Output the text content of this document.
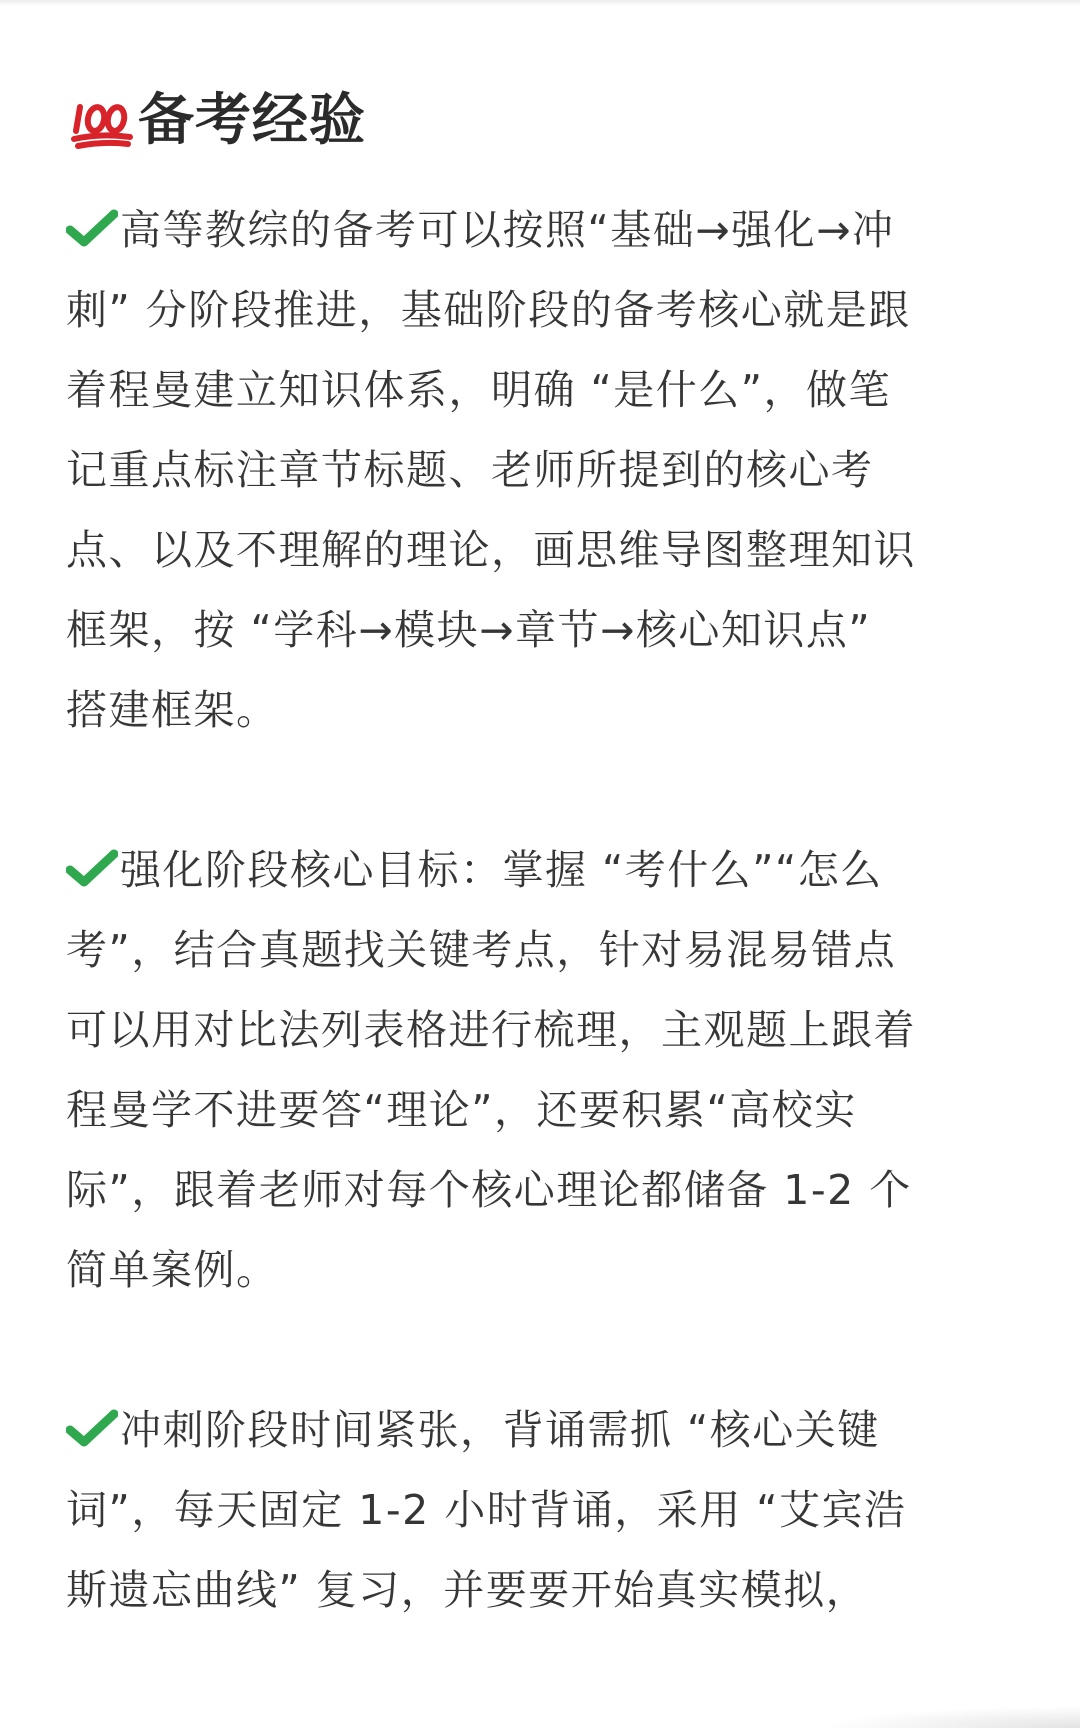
备考经验

高等教综的备考可以按照“基础→强化→冲
刺” 分阶段推进，基础阶段的备考核心就是跟
着程曼建立知识体系，明确 “是什么”，做笔
记重点标注章节标题、老师所提到的核心考
点、以及不理解的理论，画思维导图整理知识
框架，按 “学科→模块→章节→核心知识点”
搭建框架。

强化阶段核心目标：掌握 “考什么”“怎么
考”，结合真题找关键考点，针对易混易错点
可以用对比法列表格进行梳理，主观题上跟着
程曼学不进要答“理论”，还要积累“高校实
际”，跟着老师对每个核心理论都储备 1-2 个
简单案例。

冲刺阶段时间紧张，背诵需抓 “核心关键
词”，每天固定 1-2 小时背诵，采用 “艾宾浩
斯遗忘曲线” 复习，并要要开始真实模拟，
